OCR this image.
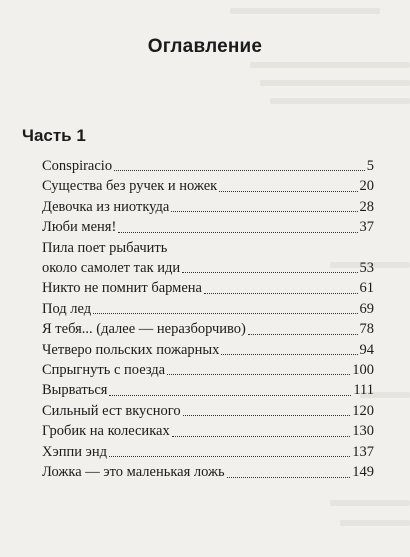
Оглавление
Часть 1
Conspiracio	5
Существа без ручек и ножек	20
Девочка из ниоткуда	28
Люби меня!	37
Пила поет рыбачить
около самолет так иди	53
Никто не помнит бармена	61
Под лед	69
Я тебя... (далее — неразборчиво)	78
Четверо польских пожарных	94
Спрыгнуть с поезда	100
Вырваться	111
Сильный ест вкусного	120
Гробик на колесиках	130
Хэппи энд	137
Ложка — это маленькая ложь	149
